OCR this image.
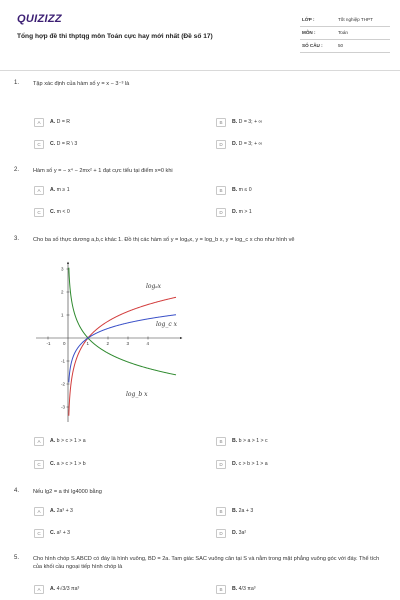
QUIZIZZ
Tổng hợp đề thi thptqg môn Toán cực hay mới nhất (Đề số 17)
LỚP :	Tốt nghiệp THPT
MÔN :	Toán
SỐ CÂU :	50
1. Tập xác định của hàm số y = x − 3⁻³ là
A	A. D = R	B	B. D = 3; + ∞
C	C. D = R \ 3	D	D. D = 3; + ∞
2. Hàm số y = − x⁴ − 2mx² + 1 đạt cực tiểu tại điểm x=0 khi
A	A. m ≥ 1	B	B. m ≤ 0
C	C. m < 0	D	D. m > 1
3. Cho ba số thực dương a,b,c khác 1. Đồ thị các hàm số y = logₐx, y = log_b x, y = log_c x cho như hình vẽ
-1	0	1	2	3	4
3
2
1
-1
-2
-3
logₐx
log_c x
log_b x
A	A. b > c > 1 > a	B	B. b > a > 1 > c
C	C. a > c > 1 > b	D	D. c > b > 1 > a
4. Nếu lg2 = a thì lg4000 bằng
A	A. 2a³ + 3	B	B. 2a + 3
C	C. a² + 3	D	D. 3a²
5. Cho hình chóp S.ABCD có đáy là hình vuông, BD = 2a. Tam giác SAC vuông cân tại S và nằm trong mặt phẳng vuông góc với đáy. Thể tích của khối cầu ngoại tiếp hình chóp là
A	A. 4√3/3 πa³	B	B. 4/3 πa³
